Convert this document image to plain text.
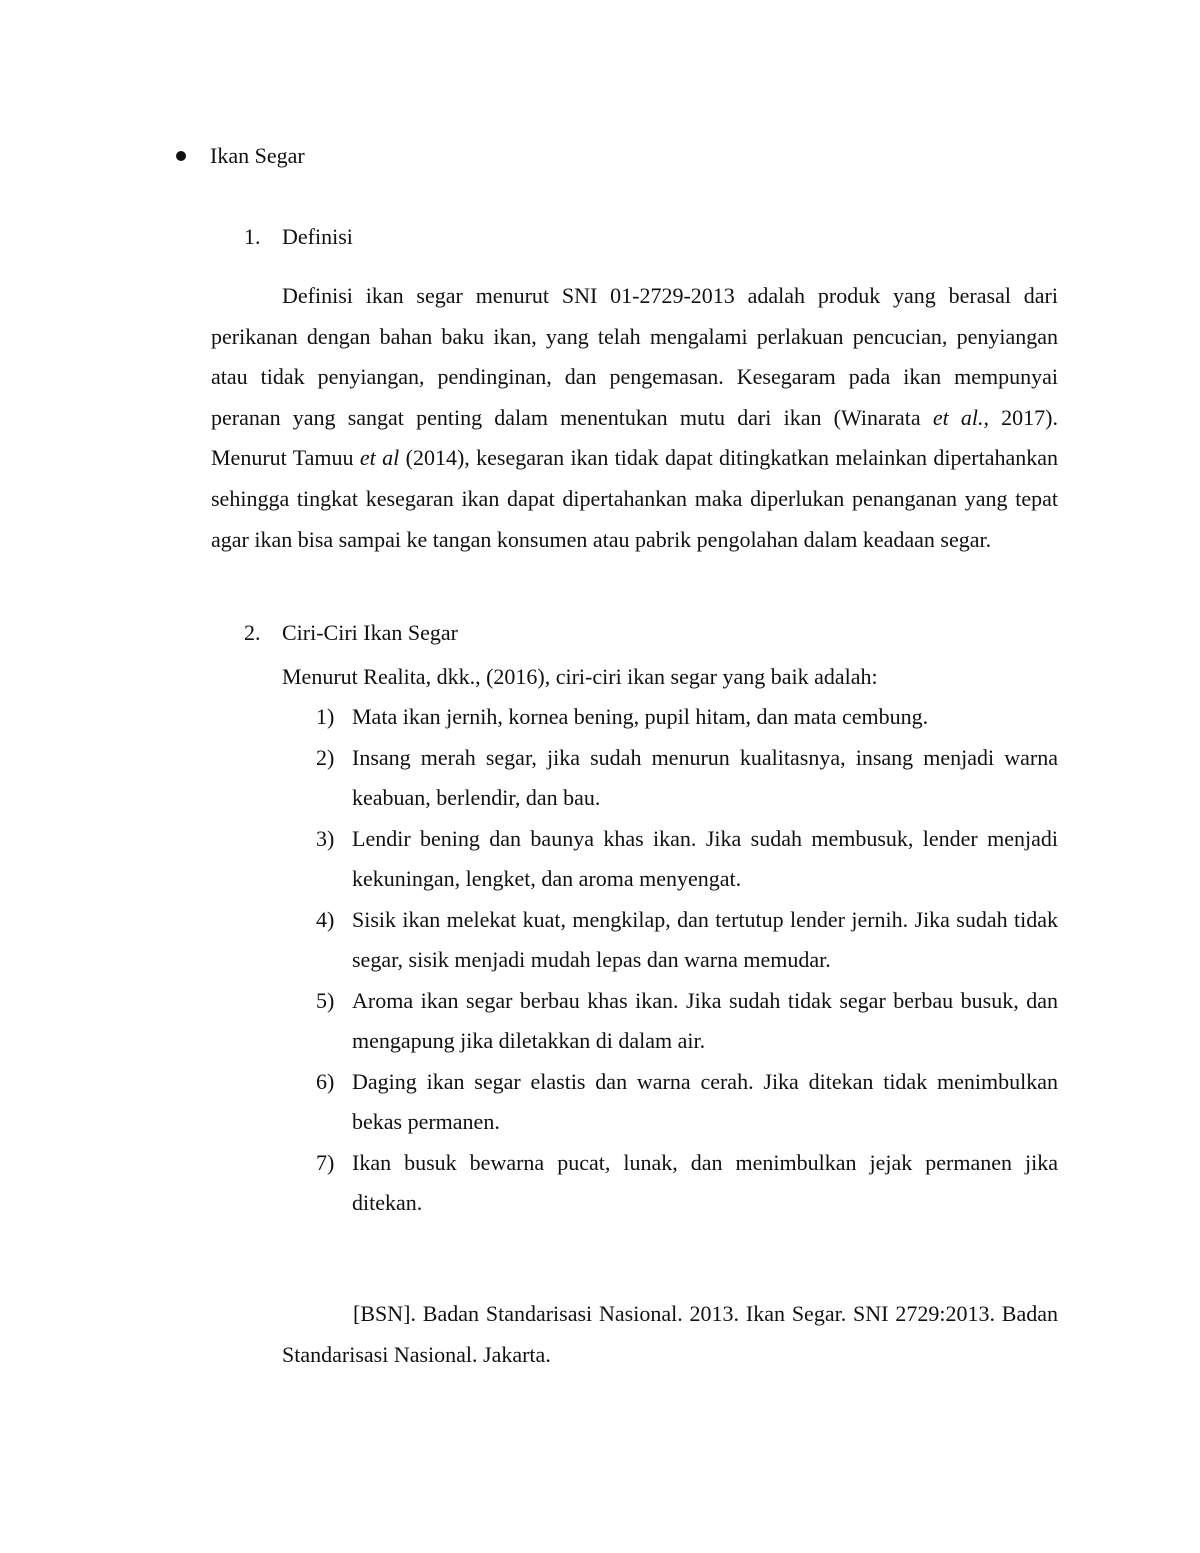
Ikan Segar
1. Definisi

Definisi ikan segar menurut SNI 01-2729-2013 adalah produk yang berasal dari perikanan dengan bahan baku ikan, yang telah mengalami perlakuan pencucian, penyiangan atau tidak penyiangan, pendinginan, dan pengemasan. Kesegaram pada ikan mempunyai peranan yang sangat penting dalam menentukan mutu dari ikan (Winarata et al., 2017). Menurut Tamuu et al (2014), kesegaran ikan tidak dapat ditingkatkan melainkan dipertahankan sehingga tingkat kesegaran ikan dapat dipertahankan maka diperlukan penanganan yang tepat agar ikan bisa sampai ke tangan konsumen atau pabrik pengolahan dalam keadaan segar.

2. Ciri-Ciri Ikan Segar
Menurut Realita, dkk., (2016), ciri-ciri ikan segar yang baik adalah:
1) Mata ikan jernih, kornea bening, pupil hitam, dan mata cembung.
2) Insang merah segar, jika sudah menurun kualitasnya, insang menjadi warna keabuan, berlendir, dan bau.
3) Lendir bening dan baunya khas ikan. Jika sudah membusuk, lender menjadi kekuningan, lengket, dan aroma menyengat.
4) Sisik ikan melekat kuat, mengkilap, dan tertutup lender jernih. Jika sudah tidak segar, sisik menjadi mudah lepas dan warna memudar.
5) Aroma ikan segar berbau khas ikan. Jika sudah tidak segar berbau busuk, dan mengapung jika diletakkan di dalam air.
6) Daging ikan segar elastis dan warna cerah. Jika ditekan tidak menimbulkan bekas permanen.
7) Ikan busuk bewarna pucat, lunak, dan menimbulkan jejak permanen jika ditekan.

[BSN]. Badan Standarisasi Nasional. 2013. Ikan Segar. SNI 2729:2013. Badan Standarisasi Nasional. Jakarta.
